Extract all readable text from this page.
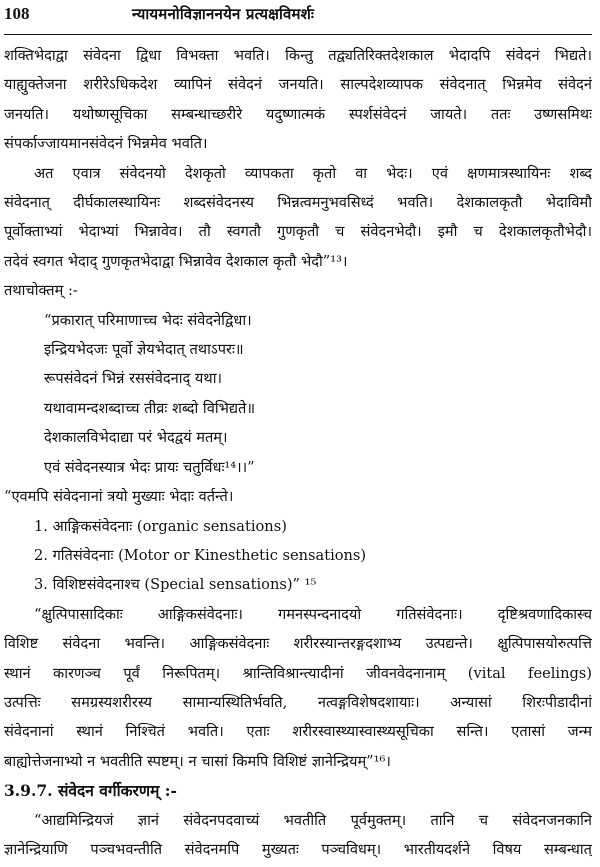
108	न्यायमनोविज्ञाननयेन प्रत्यक्षविमर्शः
शक्तिभेदाद्वा संवेदना द्विधा विभक्ता भवति। किन्तु तद्व्यतिरिक्तदेशकाल भेदादपि संवेदनं भिद्यते।
याह्युक्तेजना शरीरेऽधिकदेश व्यापिनं संवेदनं जनयति। साल्पदेशव्यापक संवेदनात् भिन्नमेव संवेदनं
जनयति। यथोष्णसूचिका सम्बन्धाच्छरीरे यदुष्णात्मकं स्पर्शसंवेदनं जायते। ततः उष्णसमिथः
संपर्काज्जायमानसंवेदनं भिन्नमेव भवति।
अत एवात्र संवेदनयो देशकृतो व्यापकता कृतो वा भेदः। एवं क्षणमात्रस्थायिनः शब्द
संवेदनात् दीर्घकालस्थायिनः शब्दसंवेदनस्य भिन्नत्वमनुभवसिध्दं भवति। देशकालकृतौ भेदाविमौ
पूर्वोक्ताभ्यां भेदाभ्यां भिन्नावेव। तौ स्वगतौ गुणकृतौ च संवेदनभेदौ। इमौ च देशकालकृतौभेदौ।
तदेवं स्वगत भेदाद् गुणकृतभेदाद्वा भिन्नावेव देशकाल कृतौ भेदौ”¹³।
तथाचोक्तम् :-
“प्रकारात् परिमाणाच्च भेदः संवेदनेद्विधा।
इन्द्रियभेदजः पूर्वो ज्ञेयभेदात् तथाऽपरः॥
रूपसंवेदनं भिन्नं रससंवेदनाद् यथा।
यथावामन्दशब्दाच्च तीव्रः शब्दो विभिद्यते॥
देशकालविभेदाद्या परं भेदद्वयं मतम्।
एवं संवेदनस्यात्र भेदः प्रायः चतुर्विधः¹⁴।।”
“एवमपि संवेदनानां त्रयो मुख्याः भेदाः वर्तन्ते।
1. आङ्गिकसंवेदनाः (organic sensations)
2. गतिसंवेदनाः (Motor or Kinesthetic sensations)
3. विशिष्टसंवेदनाश्च (Special sensations)” ¹⁵
“क्षुत्पिपासादिकाः आङ्गिकसंवेदनाः। गमनस्पन्दनादयो गतिसंवेदनाः। दृष्टिश्रवणादिकास्च
विशिष्ट संवेदना भवन्ति। आङ्गिकसंवेदनाः शरीरस्यान्तरङ्गदशाभ्य उत्पद्यन्ते। क्षुत्पिपासयोरुत्पत्ति
स्थानं कारणञ्च पूर्वं निरूपितम्। श्रान्तिविश्रान्त्यादीनां जीवनवेदनानाम् (vital feelings)
उत्पत्तिः समग्रस्यशरीरस्य सामान्यस्थितिर्भवति, नत्वङ्गविशेषदशायाः। अन्यासां शिरःपीडादीनां
संवेदनानां स्थानं निश्चितं भवति। एताः शरीरस्वास्थ्यास्वास्थ्यसूचिका सन्ति। एतासां जन्म
बाह्योत्तेजनाभ्यो न भवतीति स्पष्टम्। न चासां किमपि विशिष्टं ज्ञानेन्द्रियम्”¹⁶।
3.9.7. संवेदन वर्गीकरणम् :-
“आद्यमिन्द्रियजं ज्ञानं संवेदनपदवाच्यं भवतीति पूर्वमुक्तम्। तानि च संवेदनजनकानि
ज्ञानेन्द्रियाणि पञ्चभवन्तीति संवेदनमपि मुख्यतः पञ्चविधम्। भारतीयदर्शने विषय सम्बन्धात्
